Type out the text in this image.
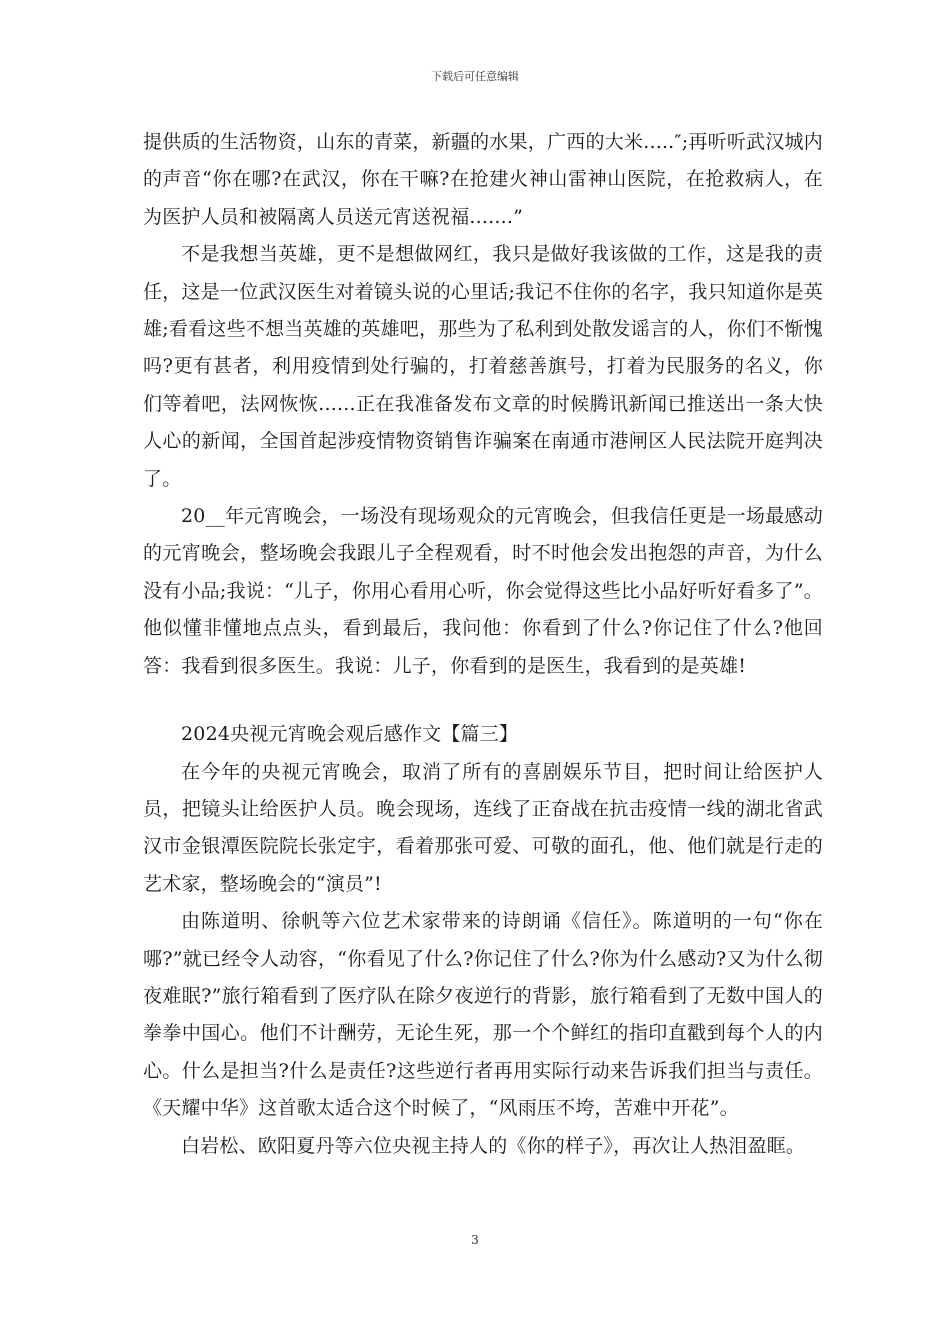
下载后可任意编辑

提供质的生活物资，山东的青菜，新疆的水果，广西的大米.....″;再听听武汉城内的声音“你在哪?在武汉，你在干嘛?在抢建火神山雷神山医院，在抢救病人，在为医护人员和被隔离人员送元宵送祝福.......”

不是我想当英雄，更不是想做网红，我只是做好我该做的工作，这是我的责任，这是一位武汉医生对着镜头说的心里话;我记不住你的名字，我只知道你是英雄;看看这些不想当英雄的英雄吧，那些为了私利到处散发谣言的人，你们不惭愧吗?更有甚者，利用疫情到处行骗的，打着慈善旗号，打着为民服务的名义，你们等着吧，法网恢恢......正在我准备发布文章的时候腾讯新闻已推送出一条大快人心的新闻，全国首起涉疫情物资销售诈骗案在南通市港闸区人民法院开庭判决了。

20__年元宵晚会，一场没有现场观众的元宵晚会，但我信任更是一场最感动的元宵晚会，整场晚会我跟儿子全程观看，时不时他会发出抱怨的声音，为什么没有小品;我说：“儿子，你用心看用心听，你会觉得这些比小品好听好看多了”。他似懂非懂地点点头，看到最后，我问他：你看到了什么?你记住了什么?他回答：我看到很多医生。我说：儿子，你看到的是医生，我看到的是英雄!

2024央视元宵晚会观后感作文【篇三】

在今年的央视元宵晚会，取消了所有的喜剧娱乐节目，把时间让给医护人员，把镜头让给医护人员。晚会现场，连线了正奋战在抗击疫情一线的湖北省武汉市金银潭医院院长张定宇，看着那张可爱、可敬的面孔，他、他们就是行走的艺术家，整场晚会的“演员”!

由陈道明、徐帆等六位艺术家带来的诗朗诵《信任》。陈道明的一句“你在哪?”就已经令人动容，“你看见了什么?你记住了什么?你为什么感动?又为什么彻夜难眠?”旅行箱看到了医疗队在除夕夜逆行的背影，旅行箱看到了无数中国人的拳拳中国心。他们不计酬劳，无论生死，那一个个鲜红的指印直戳到每个人的内心。什么是担当?什么是责任?这些逆行者再用实际行动来告诉我们担当与责任。《天耀中华》这首歌太适合这个时候了，“风雨压不垮，苦难中开花”。

白岩松、欧阳夏丹等六位央视主持人的《你的样子》，再次让人热泪盈眶。

3
